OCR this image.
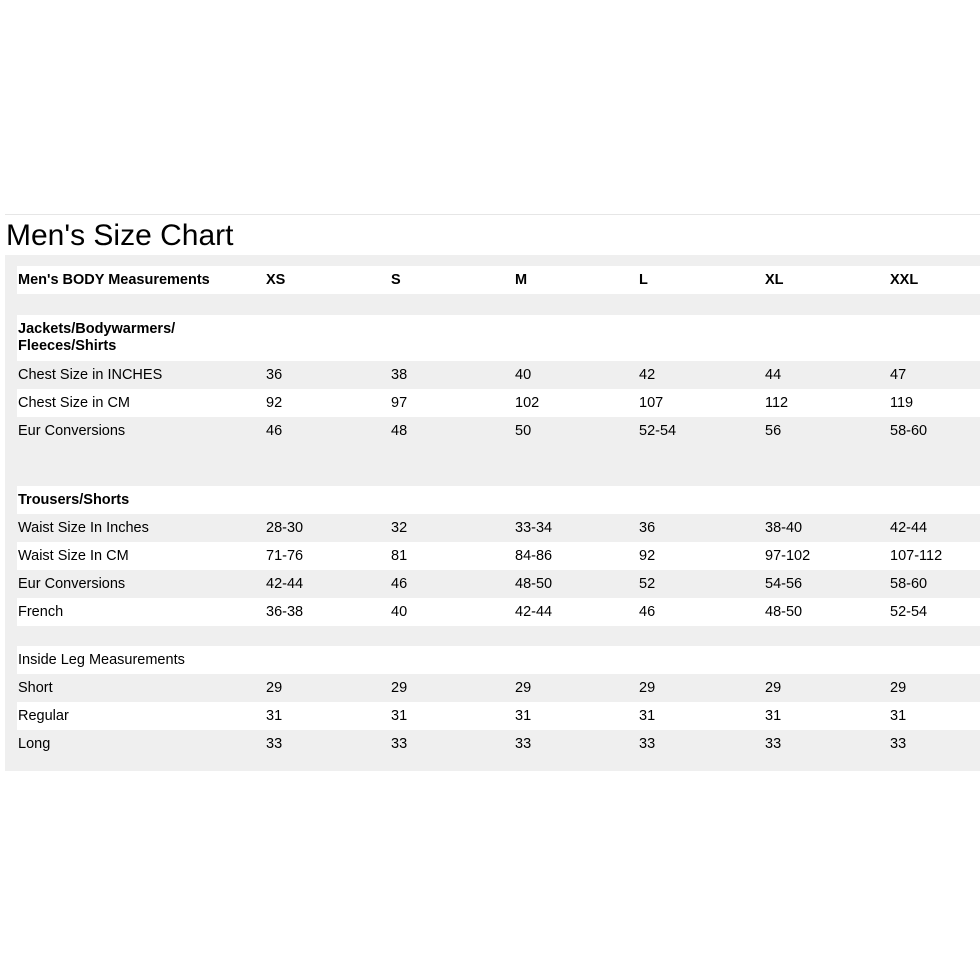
Men's Size Chart
Men's BODY Measurements	XS	S	M	L	XL	XXL
Jackets/Bodywarmers/
Fleeces/Shirts
Chest Size in INCHES	36	38	40	42	44	47
Chest Size in CM	92	97	102	107	112	119
Eur Conversions	46	48	50	52-54	56	58-60
Trousers/Shorts
Waist Size In Inches	28-30	32	33-34	36	38-40	42-44
Waist Size In CM	71-76	81	84-86	92	97-102	107-112
Eur Conversions	42-44	46	48-50	52	54-56	58-60
French	36-38	40	42-44	46	48-50	52-54
Inside Leg Measurements
Short	29	29	29	29	29	29
Regular	31	31	31	31	31	31
Long	33	33	33	33	33	33
